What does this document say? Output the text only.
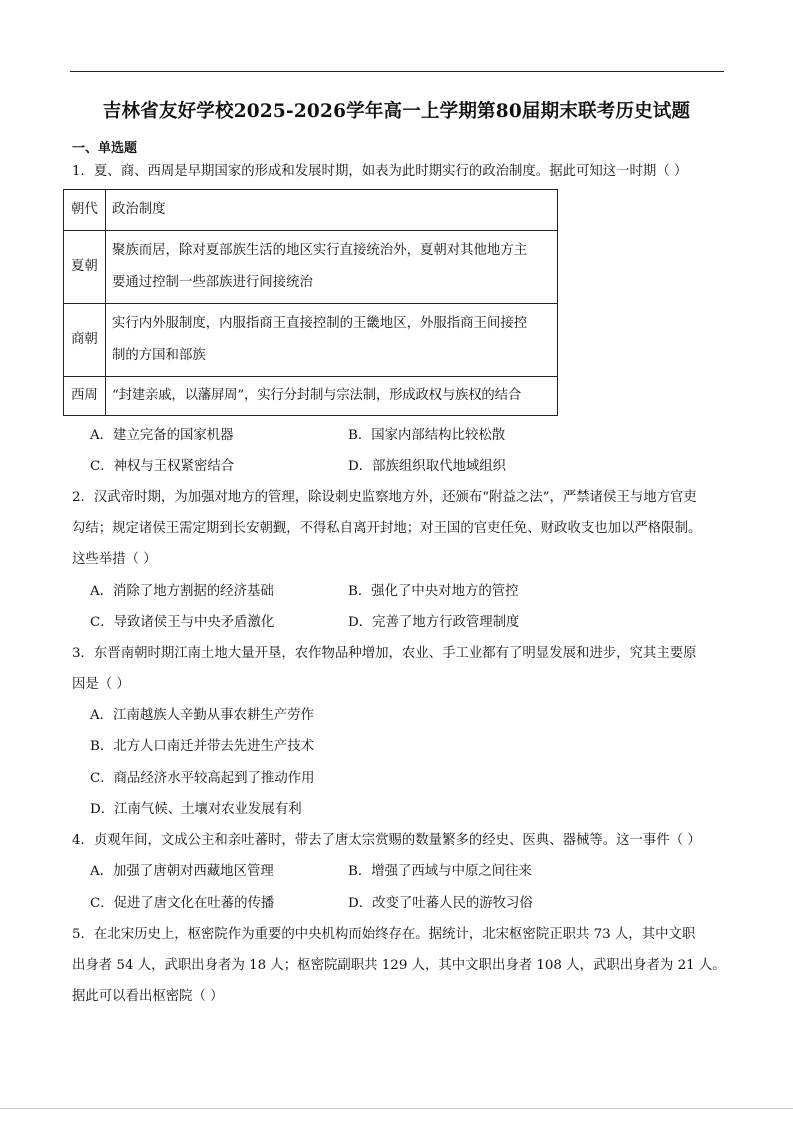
吉林省友好学校2025-2026学年高一上学期第80届期末联考历史试题
一、单选题
1．夏、商、西周是早期国家的形成和发展时期，如表为此时期实行的政治制度。据此可知这一时期（ ）
朝代	政治制度
夏朝	聚族而居，除对夏部族生活的地区实行直接统治外，夏朝对其他地方主
要通过控制一些部族进行间接统治

商朝	实行内外服制度，内服指商王直接控制的王畿地区，外服指商王间接控
制的方国和部族

西周	“封建亲戚，以藩屏周”，实行分封制与宗法制，形成政权与族权的结合
A．建立完备的国家机器	B．国家内部结构比较松散
C．神权与王权紧密结合	D．部族组织取代地域组织
2．汉武帝时期，为加强对地方的管理，除设刺史监察地方外，还颁布“附益之法”，严禁诸侯王与地方官吏
勾结；规定诸侯王需定期到长安朝觐，不得私自离开封地；对王国的官吏任免、财政收支也加以严格限制。
这些举措（ ）
A．消除了地方割据的经济基础	B．强化了中央对地方的管控
C．导致诸侯王与中央矛盾激化	D．完善了地方行政管理制度
3．东晋南朝时期江南土地大量开垦，农作物品种增加，农业、手工业都有了明显发展和进步，究其主要原
因是（ ）
A．江南越族人辛勤从事农耕生产劳作
B．北方人口南迁并带去先进生产技术
C．商品经济水平较高起到了推动作用
D．江南气候、土壤对农业发展有利
4．贞观年间，文成公主和亲吐蕃时，带去了唐太宗赏赐的数量繁多的经史、医典、器械等。这一事件（ ）
A．加强了唐朝对西藏地区管理	B．增强了西域与中原之间往来
C．促进了唐文化在吐蕃的传播	D．改变了吐蕃人民的游牧习俗
5．在北宋历史上，枢密院作为重要的中央机构而始终存在。据统计，北宋枢密院正职共 73 人，其中文职
出身者 54 人，武职出身者为 18 人；枢密院副职共 129 人，其中文职出身者 108 人，武职出身者为 21 人。
据此可以看出枢密院（ ）
